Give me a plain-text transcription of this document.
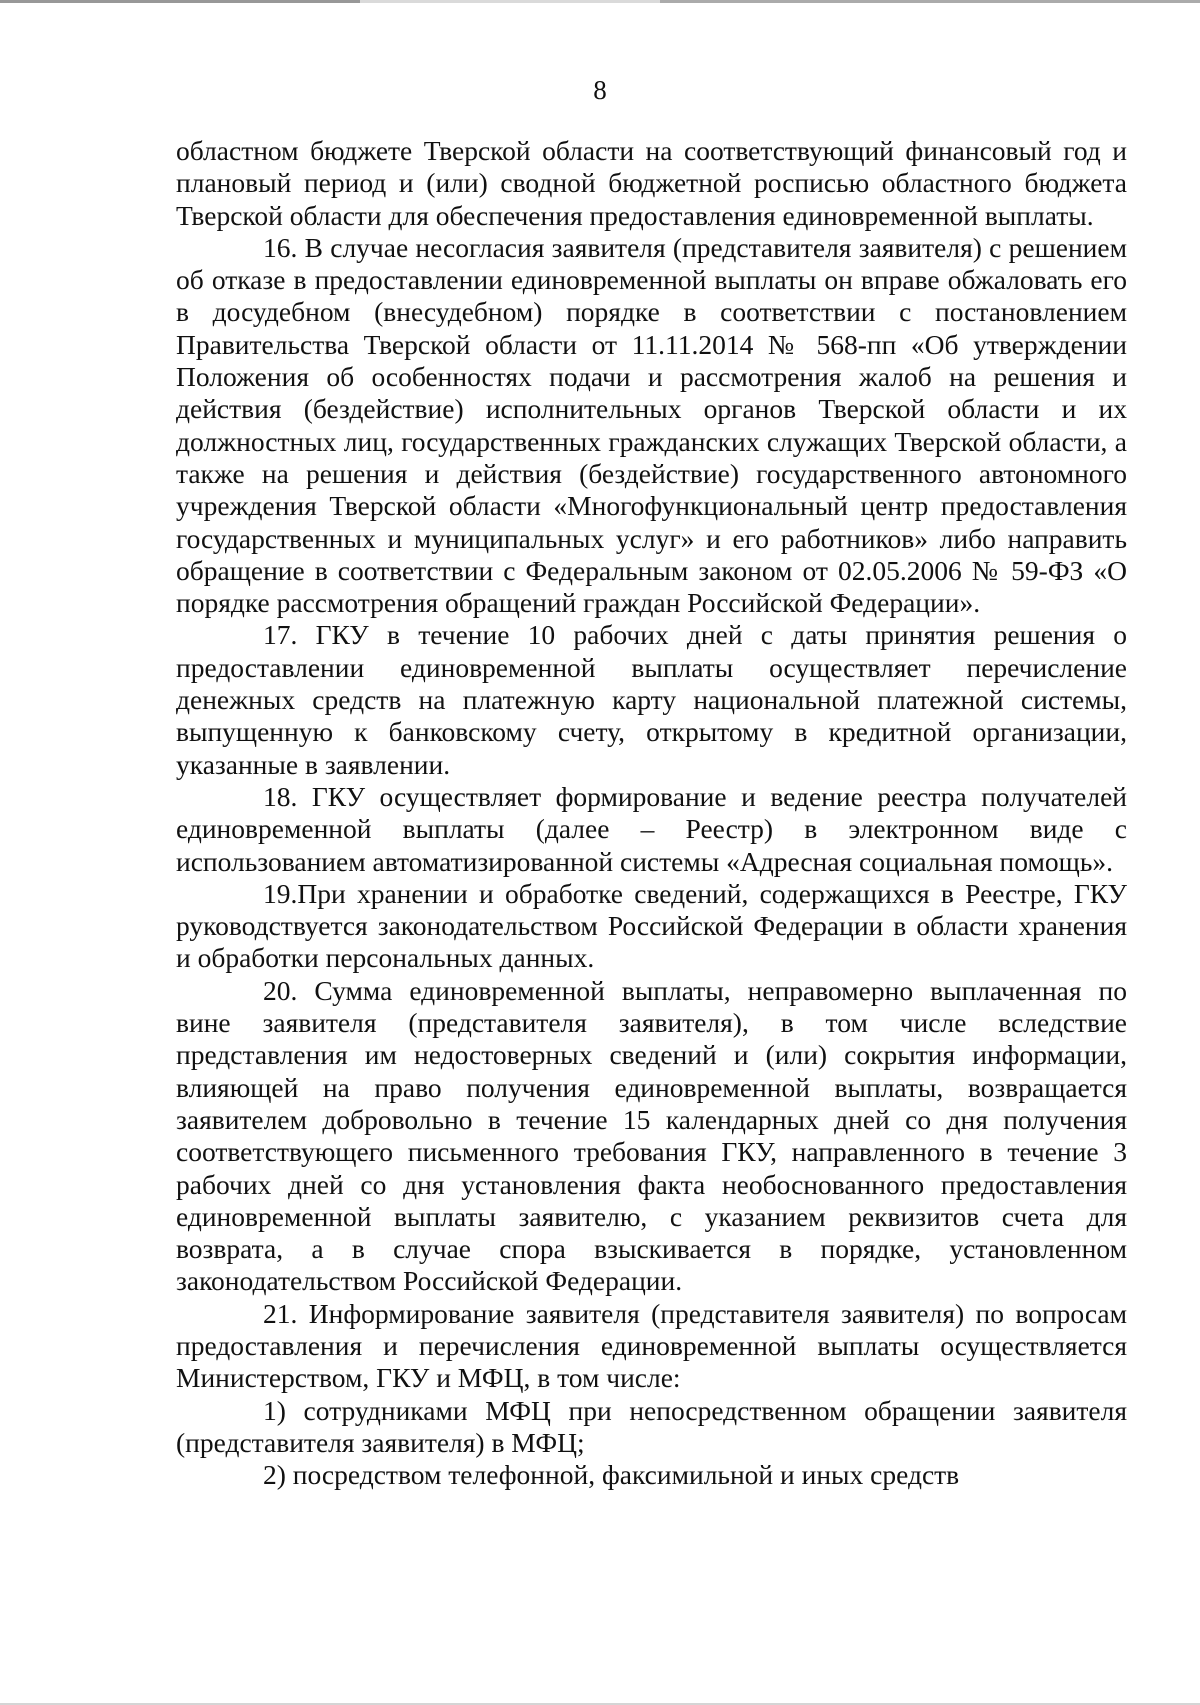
8

областном бюджете Тверской области на соответствующий финансовый год и плановый период и (или) сводной бюджетной росписью областного бюджета Тверской области для обеспечения предоставления единовременной выплаты.

16. В случае несогласия заявителя (представителя заявителя) с решением об отказе в предоставлении единовременной выплаты он вправе обжаловать его в досудебном (внесудебном) порядке в соответствии с постановлением Правительства Тверской области от 11.11.2014 № 568-пп «Об утверждении Положения об особенностях подачи и рассмотрения жалоб на решения и действия (бездействие) исполнительных органов Тверской области и их должностных лиц, государственных гражданских служащих Тверской области, а также на решения и действия (бездействие) государственного автономного учреждения Тверской области «Многофункциональный центр предоставления государственных и муниципальных услуг» и его работников» либо направить обращение в соответствии с Федеральным законом от 02.05.2006 № 59-ФЗ «О порядке рассмотрения обращений граждан Российской Федерации».

17. ГКУ в течение 10 рабочих дней с даты принятия решения о предоставлении единовременной выплаты осуществляет перечисление денежных средств на платежную карту национальной платежной системы, выпущенную к банковскому счету, открытому в кредитной организации, указанные в заявлении.

18. ГКУ осуществляет формирование и ведение реестра получателей единовременной выплаты (далее – Реестр) в электронном виде с использованием автоматизированной системы «Адресная социальная помощь».

19.При хранении и обработке сведений, содержащихся в Реестре, ГКУ руководствуется законодательством Российской Федерации в области хранения и обработки персональных данных.

20. Сумма единовременной выплаты, неправомерно выплаченная по вине заявителя (представителя заявителя), в том числе вследствие представления им недостоверных сведений и (или) сокрытия информации, влияющей на право получения единовременной выплаты, возвращается заявителем добровольно в течение 15 календарных дней со дня получения соответствующего письменного требования ГКУ, направленного в течение 3 рабочих дней со дня установления факта необоснованного предоставления единовременной выплаты заявителю, с указанием реквизитов счета для возврата, а в случае спора взыскивается в порядке, установленном законодательством Российской Федерации.

21. Информирование заявителя (представителя заявителя) по вопросам предоставления и перечисления единовременной выплаты осуществляется Министерством, ГКУ и МФЦ, в том числе:

1) сотрудниками МФЦ при непосредственном обращении заявителя (представителя заявителя) в МФЦ;

2) посредством телефонной, факсимильной и иных средств
